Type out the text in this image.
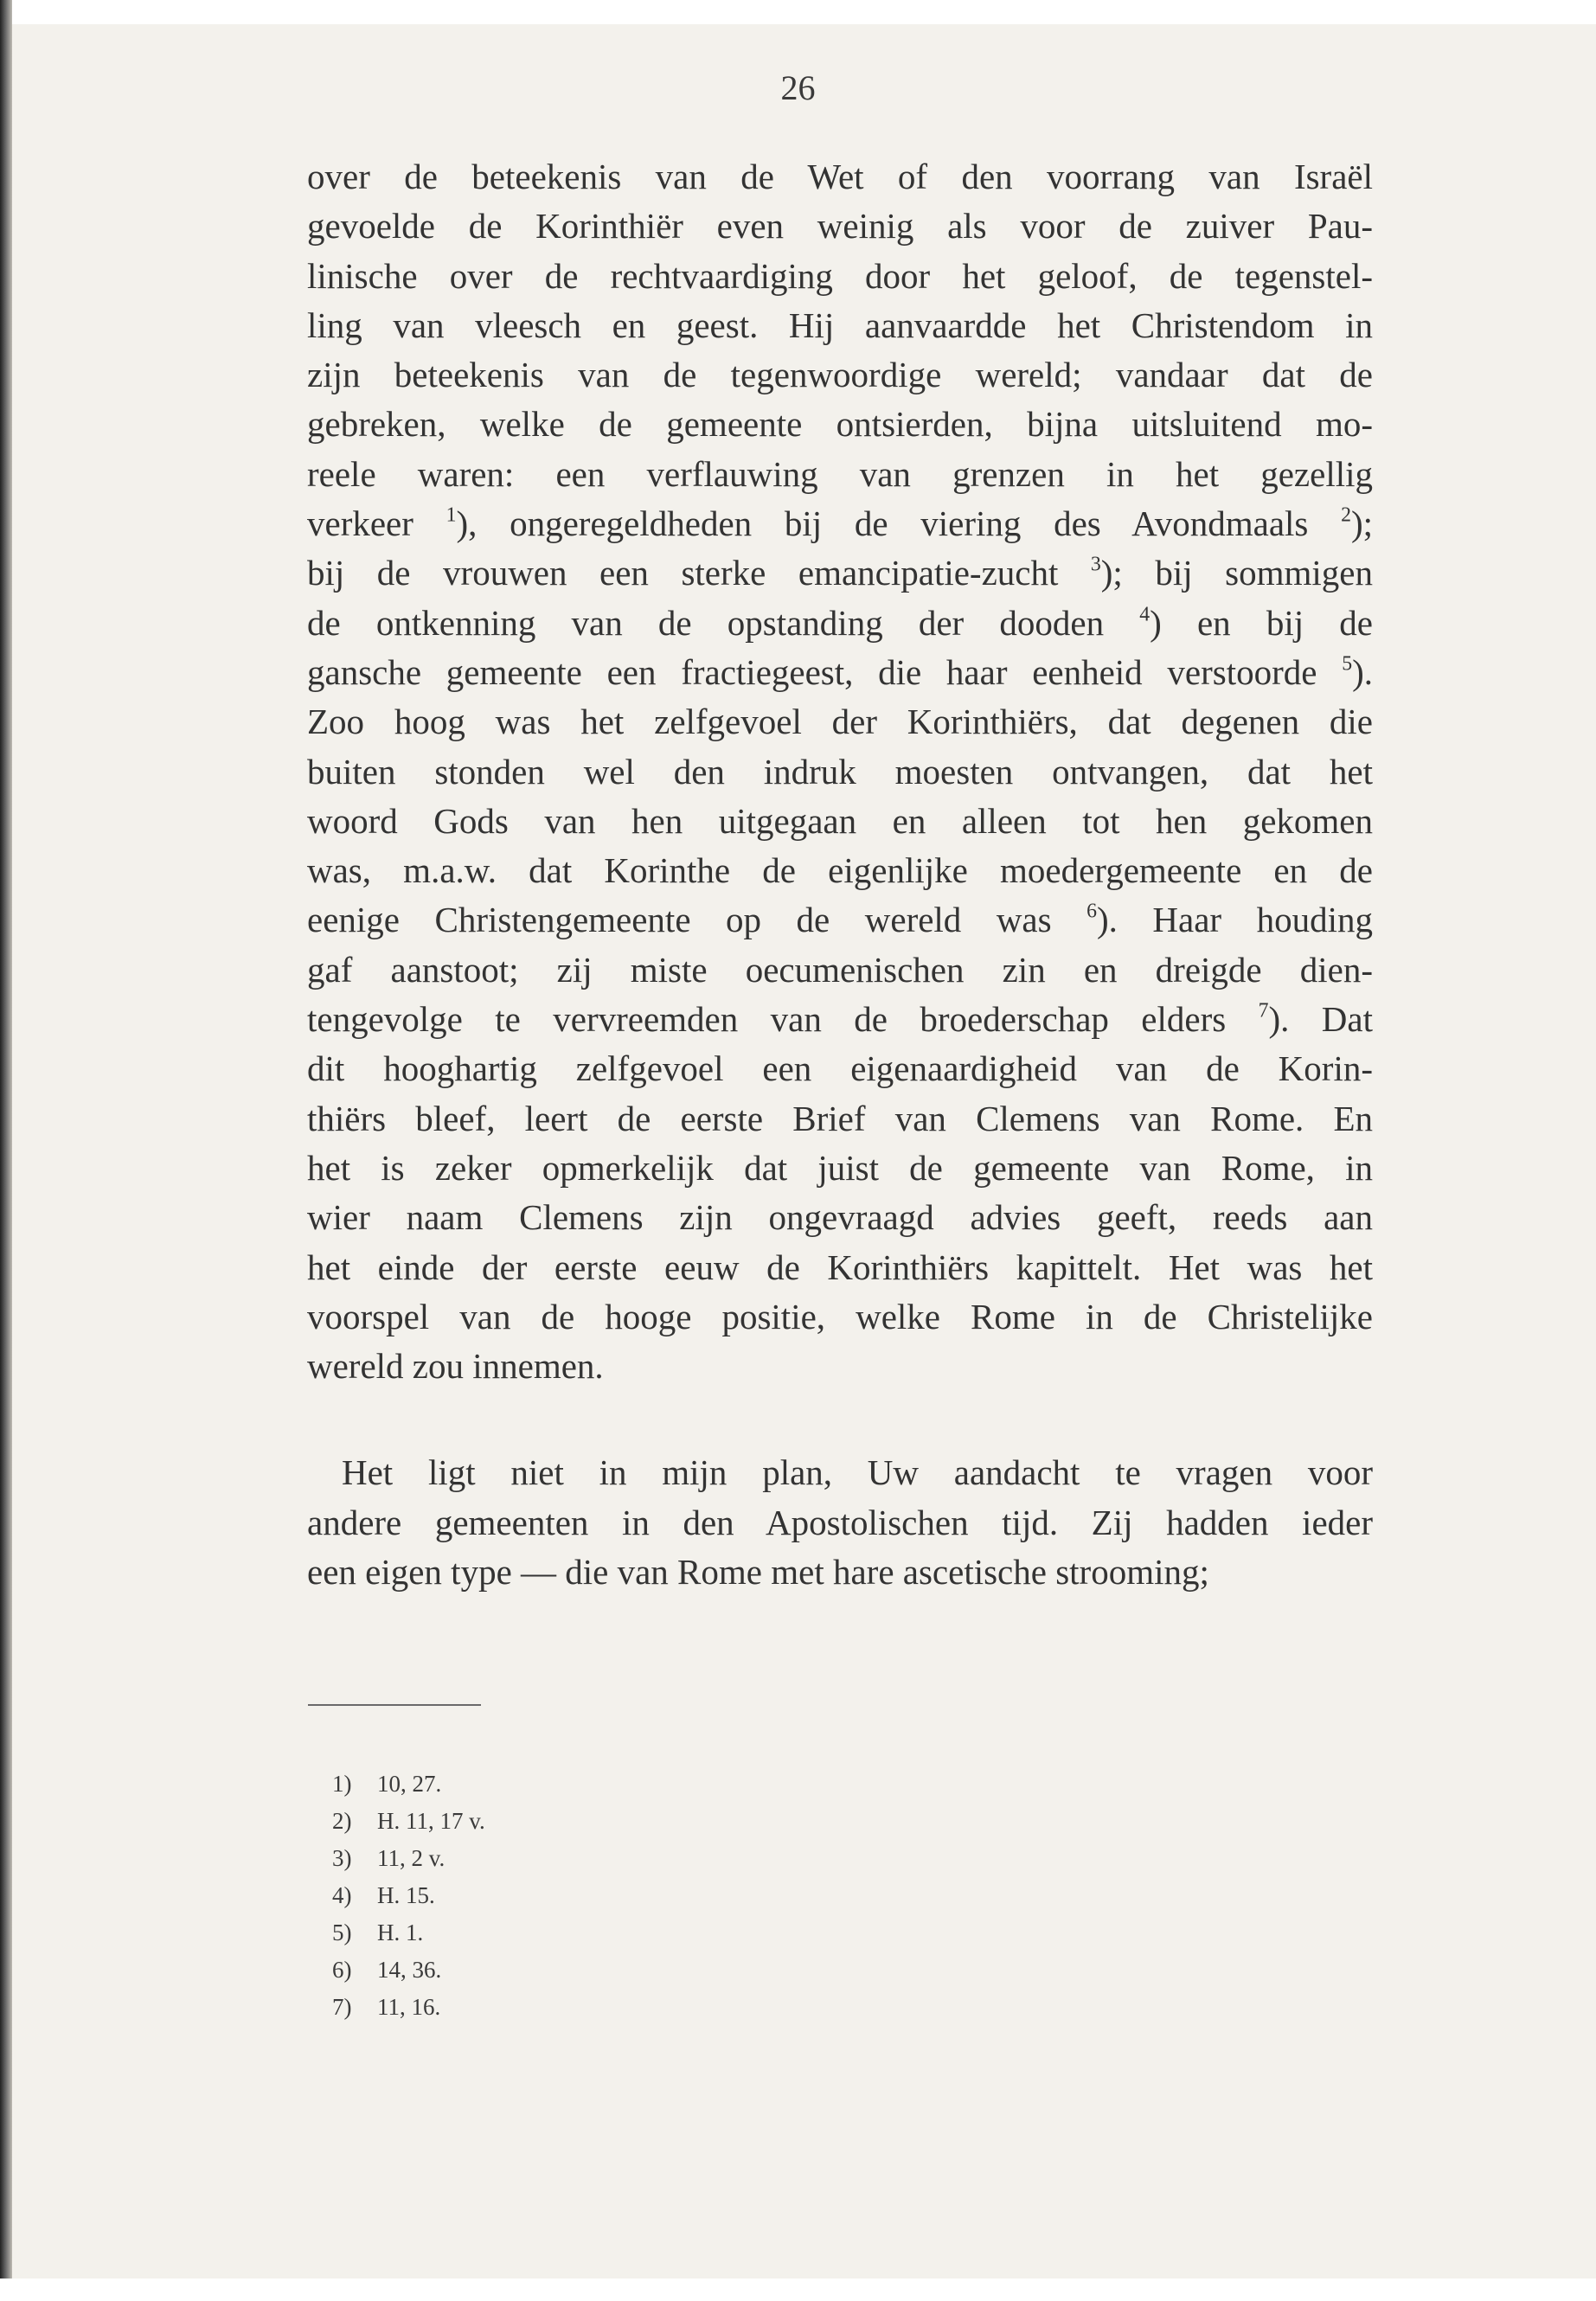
26

over de beteekenis van de Wet of den voorrang van Israël
gevoelde de Korinthiër even weinig als voor de zuiver Pau-
linische over de rechtvaardiging door het geloof, de tegenstel-
ling van vleesch en geest. Hij aanvaardde het Christendom in
zijn beteekenis van de tegenwoordige wereld; vandaar dat de
gebreken, welke de gemeente ontsierden, bijna uitsluitend mo-
reele waren: een verflauwing van grenzen in het gezellig
verkeer $^1$), ongeregeldheden bij de viering des Avondmaals $^2$);
bij de vrouwen een sterke emancipatie-zucht $^3$); bij sommigen
de ontkenning van de opstanding der dooden $^4$) en bij de
gansche gemeente een fractiegeest, die haar eenheid verstoorde $^5$).
Zoo hoog was het zelfgevoel der Korinthiërs, dat degenen die
buiten stonden wel den indruk moesten ontvangen, dat het
woord Gods van hen uitgegaan en alleen tot hen gekomen
was, m.a.w. dat Korinthe de eigenlijke moedergemeente en de
eenige Christengemeente op de wereld was $^6$). Haar houding
gaf aanstoot; zij miste oecumenischen zin en dreigde dien-
tengevolge te vervreemden van de broederschap elders $^7$). Dat
dit hooghartig zelfgevoel een eigenaardigheid van de Korin-
thiërs bleef, leert de eerste Brief van Clemens van Rome. En
het is zeker opmerkelijk dat juist de gemeente van Rome, in
wier naam Clemens zijn ongevraagd advies geeft, reeds aan
het einde der eerste eeuw de Korinthiërs kapittelt. Het was het
voorspel van de hooge positie, welke Rome in de Christelijke
wereld zou innemen.
Het ligt niet in mijn plan, Uw aandacht te vragen voor
andere gemeenten in den Apostolischen tijd. Zij hadden ieder
een eigen type — die van Rome met hare ascetische strooming;
1) 10, 27.
2) H. 11, 17 v.
3) 11, 2 v.
4) H. 15.
5) H. 1.
6) 14, 36.
7) 11, 16.
